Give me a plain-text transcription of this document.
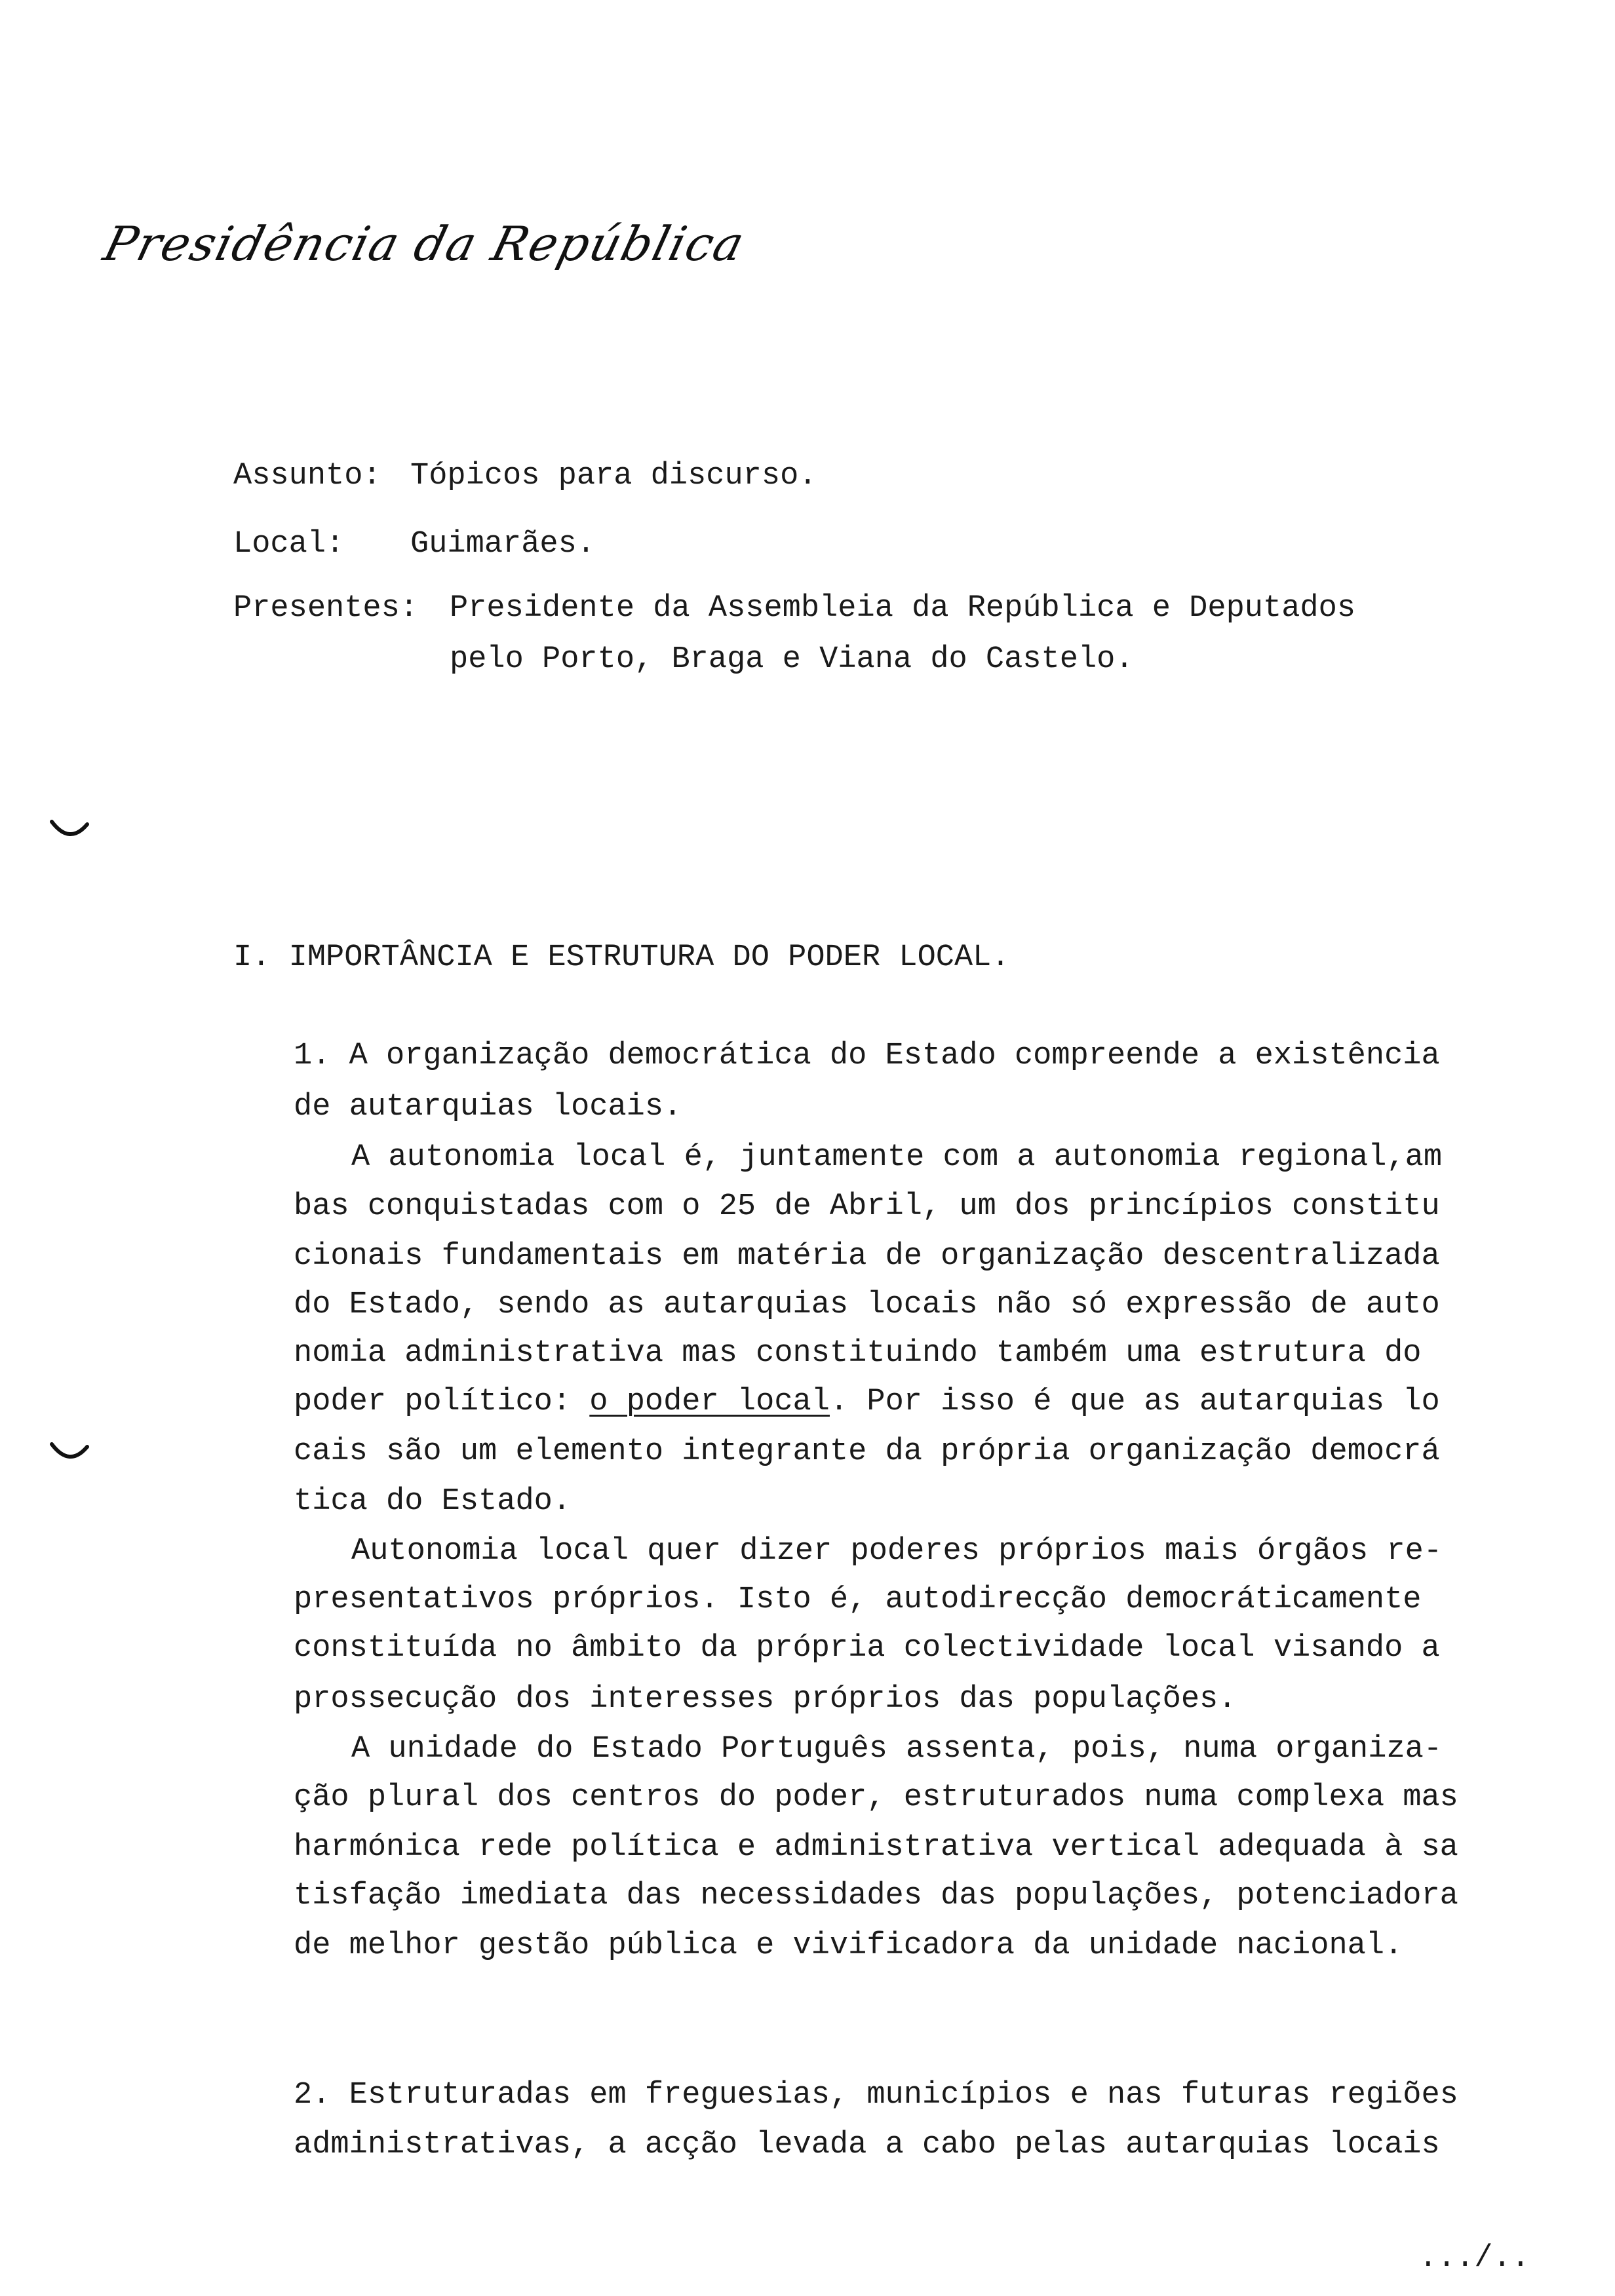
Presidência da República
Assunto: Tópicos para discurso.
Local: Guimarães.
Presentes: Presidente da Assembleia da República e Deputados
pelo Porto, Braga e Viana do Castelo.
I. IMPORTÂNCIA E ESTRUTURA DO PODER LOCAL.
1. A organização democrática do Estado compreende a existência
de autarquias locais.
A autonomia local é, juntamente com a autonomia regional,am
bas conquistadas com o 25 de Abril, um dos princípios constitu
cionais fundamentais em matéria de organização descentralizada
do Estado, sendo as autarquias locais não só expressão de auto
nomia administrativa mas constituindo também uma estrutura do
poder político: o poder local. Por isso é que as autarquias lo
cais são um elemento integrante da própria organização democrá
tica do Estado.
Autonomia local quer dizer poderes próprios mais órgãos re-
presentativos próprios. Isto é, autodirecção democráticamente
constituída no âmbito da própria colectividade local visando a
prossecução dos interesses próprios das populações.
A unidade do Estado Português assenta, pois, numa organiza-
ção plural dos centros do poder, estruturados numa complexa mas
harmónica rede política e administrativa vertical adequada à sa
tisfação imediata das necessidades das populações, potenciadora
de melhor gestão pública e vivificadora da unidade nacional.
2. Estruturadas em freguesias, municípios e nas futuras regiões
administrativas, a acção levada a cabo pelas autarquias locais
.../..
